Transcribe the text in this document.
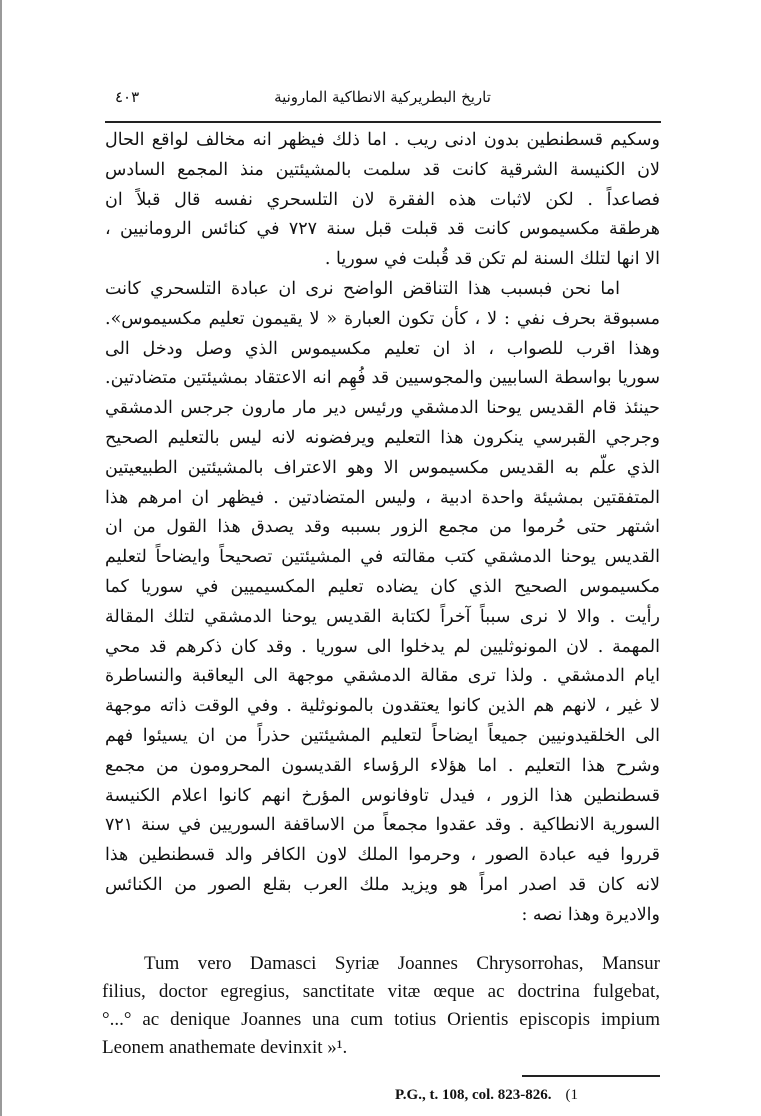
تاريخ البطريركية الانطاكية المارونية
٤٠٣
وسكيم قسطنطين بدون ادنى ريب . اما ذلك فيظهر انه مخالف لواقع الحال
لان الكنيسة الشرقية كانت قد سلمت بالمشيئتين منذ المجمع السادس
فصاعداً . لكن لاثبات هذه الفقرة لان التلسحري نفسه قال قبلاً ان
هرطقة مكسيموس كانت قد قبلت قبل سنة ٧٢٧ في كنائس الرومانيين ،
الا انها لتلك السنة لم تكن قد قُبلت في سوريا .
اما نحن فبسبب هذا التناقض الواضح نرى ان عبادة التلسحري كانت
مسبوقة بحرف نفي : لا ، كأن تكون العبارة « لا يقيمون تعليم مكسيموس».
وهذا اقرب للصواب ، اذ ان تعليم مكسيموس الذي وصل ودخل الى
سوريا بواسطة السابيين والمجوسيين قد فُهِم انه الاعتقاد بمشيئتين متضادتين.
حينئذ قام القديس يوحنا الدمشقي ورئيس دير مار مارون جرجس الدمشقي
وجرجي القبرسي ينكرون هذا التعليم ويرفضونه لانه ليس بالتعليم الصحيح
الذي علّم به القديس مكسيموس الا وهو الاعتراف بالمشيئتين الطبيعيتين
المتفقتين بمشيئة واحدة ادبية ، وليس المتضادتين . فيظهر ان امرهم هذا
اشتهر حتى حُرموا من مجمع الزور بسببه وقد يصدق هذا القول من ان
القديس يوحنا الدمشقي كتب مقالته في المشيئتين تصحيحاً وايضاحاً لتعليم
مكسيموس الصحيح الذي كان يضاده تعليم المكسيميين في سوريا كما
رأيت . والا لا نرى سبباً آخراً لكتابة القديس يوحنا الدمشقي لتلك المقالة
المهمة . لان المونوثليين لم يدخلوا الى سوريا . وقد كان ذكرهم قد محي
ايام الدمشقي . ولذا ترى مقالة الدمشقي موجهة الى اليعاقبة والنساطرة
لا غير ، لانهم هم الذين كانوا يعتقدون بالمونوثلية . وفي الوقت ذاته موجهة
الى الخلقيدونيين جميعاً ايضاحاً لتعليم المشيئتين حذراً من ان يسيئوا فهم
وشرح هذا التعليم . اما هؤلاء الرؤساء القديسون المحرومون من مجمع
قسطنطين هذا الزور ، فيدل تاوفانوس المؤرخ انهم كانوا اعلام الكنيسة
السورية الانطاكية . وقد عقدوا مجمعاً من الاساقفة السوريين في سنة ٧٢١
قرروا فيه عبادة الصور ، وحرموا الملك لاون الكافر والد قسطنطين هذا
لانه كان قد اصدر امراً هو ويزيد ملك العرب بقلع الصور من الكنائس
والاديرة وهذا نصه :
Tum vero Damasci Syriæ Joannes Chrysorrohas, Mansur
filius, doctor egregius, sanctitate vitæ œque ac doctrina fulgebat,
°...° ac denique Joannes una cum totius Orientis episcopis impium
Leonem anathemate devinxit »¹.
P.G., t. 108, col. 823-826. (1
